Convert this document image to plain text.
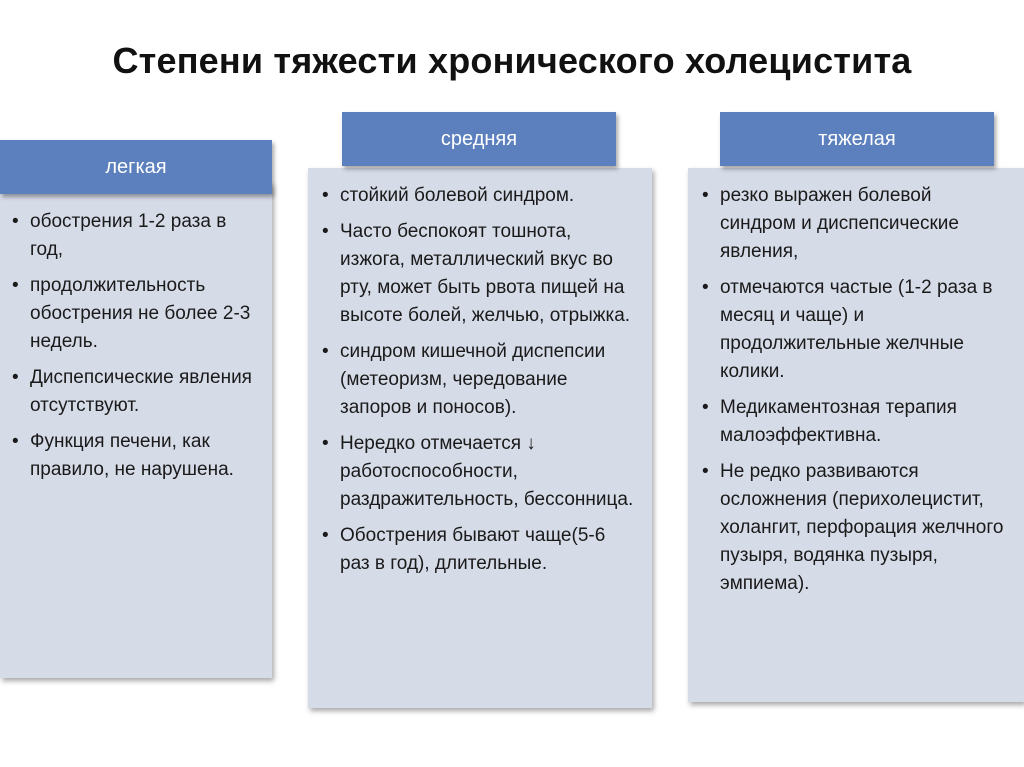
Степени тяжести хронического холецистита
• обострения 1-2 раза в год,
• продолжительность обострения не более 2-3 недель.
• Диспепсические явления отсутствуют.
• Функция печени, как правило, не нарушена.
легкая
• стойкий болевой синдром.
• Часто беспокоят тошнота, изжога, металлический вкус во рту, может быть рвота пищей на высоте болей, желчью, отрыжка.
• синдром кишечной диспепсии (метеоризм, чередование запоров и поносов).
• Нередко отмечается ↓ работоспособности, раздражительность, бессонница.
• Обострения бывают чаще(5-6 раз в год), длительные.
средняя
• резко выражен болевой синдром и диспепсические явления,
• отмечаются частые (1-2 раза в месяц и чаще) и продолжительные желчные колики.
• Медикаментозная терапия малоэффективна.
• Не редко развиваются осложнения (перихолецистит, холангит, перфорация желчного пузыря, водянка пузыря, эмпиема).
тяжелая
